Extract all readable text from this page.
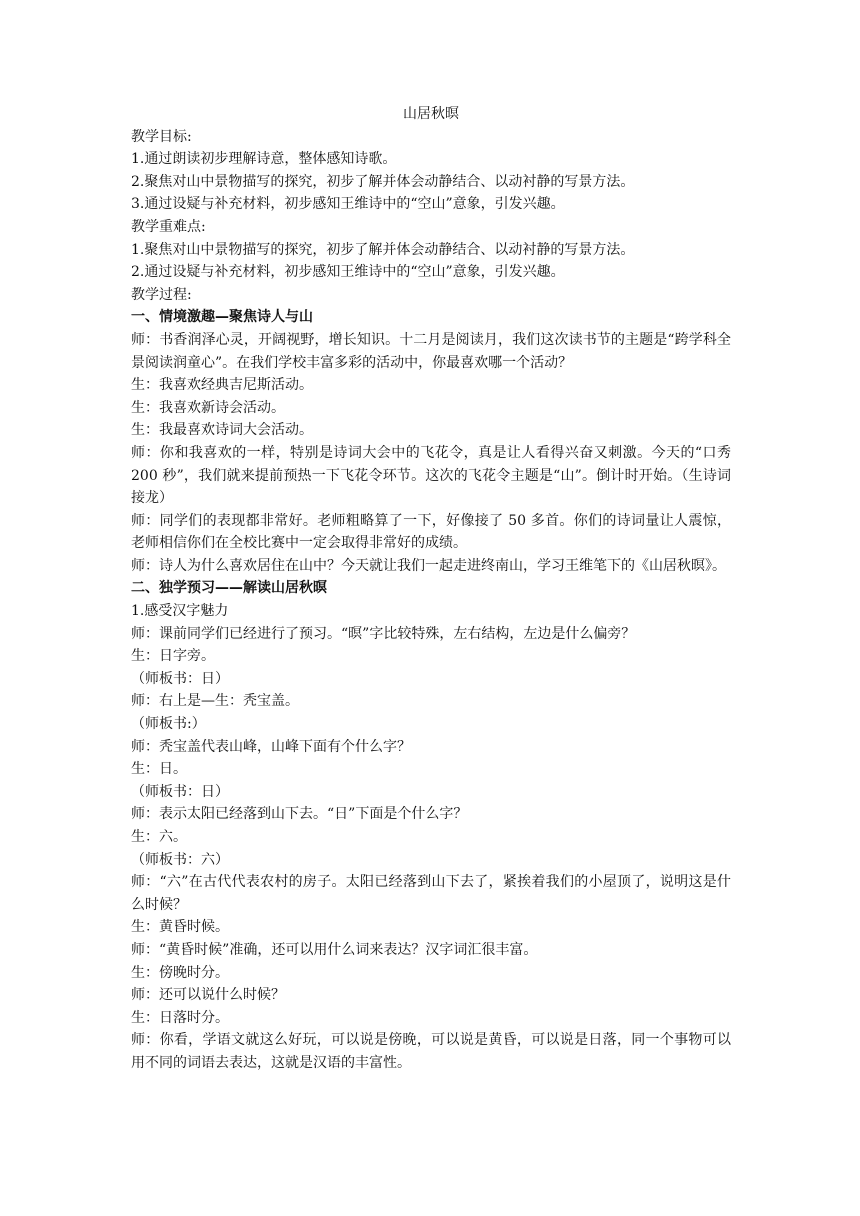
山居秋暝

教学目标:

1.通过朗读初步理解诗意，整体感知诗歌。

2.聚焦对山中景物描写的探究，初步了解并体会动静结合、以动衬静的写景方法。

3.通过设疑与补充材料，初步感知王维诗中的“空山”意象，引发兴趣。

教学重难点:

1.聚焦对山中景物描写的探究，初步了解并体会动静结合、以动衬静的写景方法。

2.通过设疑与补充材料，初步感知王维诗中的“空山”意象，引发兴趣。

教学过程:

一、情境激趣—聚焦诗人与山

师：书香润泽心灵，开阔视野，增长知识。十二月是阅读月，我们这次读书节的主题是“跨学科全景阅读润童心”。在我们学校丰富多彩的活动中，你最喜欢哪一个活动？

生：我喜欢经典吉尼斯活动。

生：我喜欢新诗会活动。

生：我最喜欢诗词大会活动。

师：你和我喜欢的一样，特别是诗词大会中的飞花令，真是让人看得兴奋又刺激。今天的“口秀　200 秒”，我们就来提前预热一下飞花令环节。这次的飞花令主题是“山”。倒计时开始。（生诗词接龙）

师：同学们的表现都非常好。老师粗略算了一下，好像接了 50 多首。你们的诗词量让人震惊，老师相信你们在全校比赛中一定会取得非常好的成绩。

师：诗人为什么喜欢居住在山中？今天就让我们一起走进终南山，学习王维笔下的《山居秋暝》。

二、独学预习——解读山居秋暝

1.感受汉字魅力

师：课前同学们已经进行了预习。“暝”字比较特殊，左右结构，左边是什么偏旁？

生：日字旁。

（师板书：日）

师：右上是—生：秃宝盖。

（师板书:）

师：秃宝盖代表山峰，山峰下面有个什么字？

生：日。

（师板书：日）

师：表示太阳已经落到山下去。“日”下面是个什么字？

生：六。

（师板书：六）

师：“六”在古代代表农村的房子。太阳已经落到山下去了，紧挨着我们的小屋顶了，说明这是什么时候？

生：黄昏时候。

师：“黄昏时候”准确，还可以用什么词来表达？汉字词汇很丰富。

生：傍晚时分。

师：还可以说什么时候？

生：日落时分。

师：你看，学语文就这么好玩，可以说是傍晚，可以说是黄昏，可以说是日落，同一个事物可以用不同的词语去表达，这就是汉语的丰富性。
